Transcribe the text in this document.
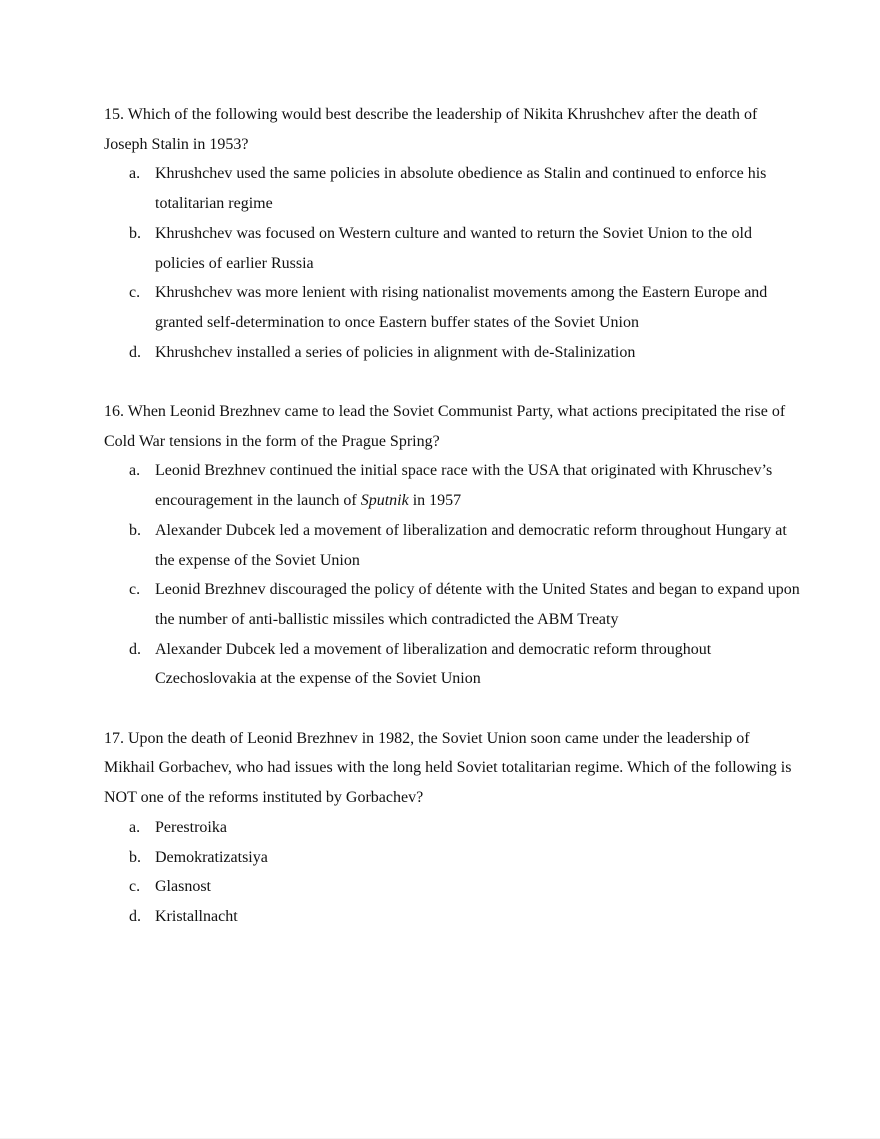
15. Which of the following would best describe the leadership of Nikita Khrushchev after the death of Joseph Stalin in 1953?

a. Khrushchev used the same policies in absolute obedience as Stalin and continued to enforce his totalitarian regime
b. Khrushchev was focused on Western culture and wanted to return the Soviet Union to the old policies of earlier Russia
c. Khrushchev was more lenient with rising nationalist movements among the Eastern Europe and granted self-determination to once Eastern buffer states of the Soviet Union
d. Khrushchev installed a series of policies in alignment with de-Stalinization

16. When Leonid Brezhnev came to lead the Soviet Communist Party, what actions precipitated the rise of Cold War tensions in the form of the Prague Spring?

a. Leonid Brezhnev continued the initial space race with the USA that originated with Khruschev’s encouragement in the launch of Sputnik in 1957
b. Alexander Dubcek led a movement of liberalization and democratic reform throughout Hungary at the expense of the Soviet Union
c. Leonid Brezhnev discouraged the policy of détente with the United States and began to expand upon the number of anti-ballistic missiles which contradicted the ABM Treaty
d. Alexander Dubcek led a movement of liberalization and democratic reform throughout Czechoslovakia at the expense of the Soviet Union

17. Upon the death of Leonid Brezhnev in 1982, the Soviet Union soon came under the leadership of Mikhail Gorbachev, who had issues with the long held Soviet totalitarian regime. Which of the following is NOT one of the reforms instituted by Gorbachev?

a. Perestroika
b. Demokratizatsiya
c. Glasnost
d. Kristallnacht
